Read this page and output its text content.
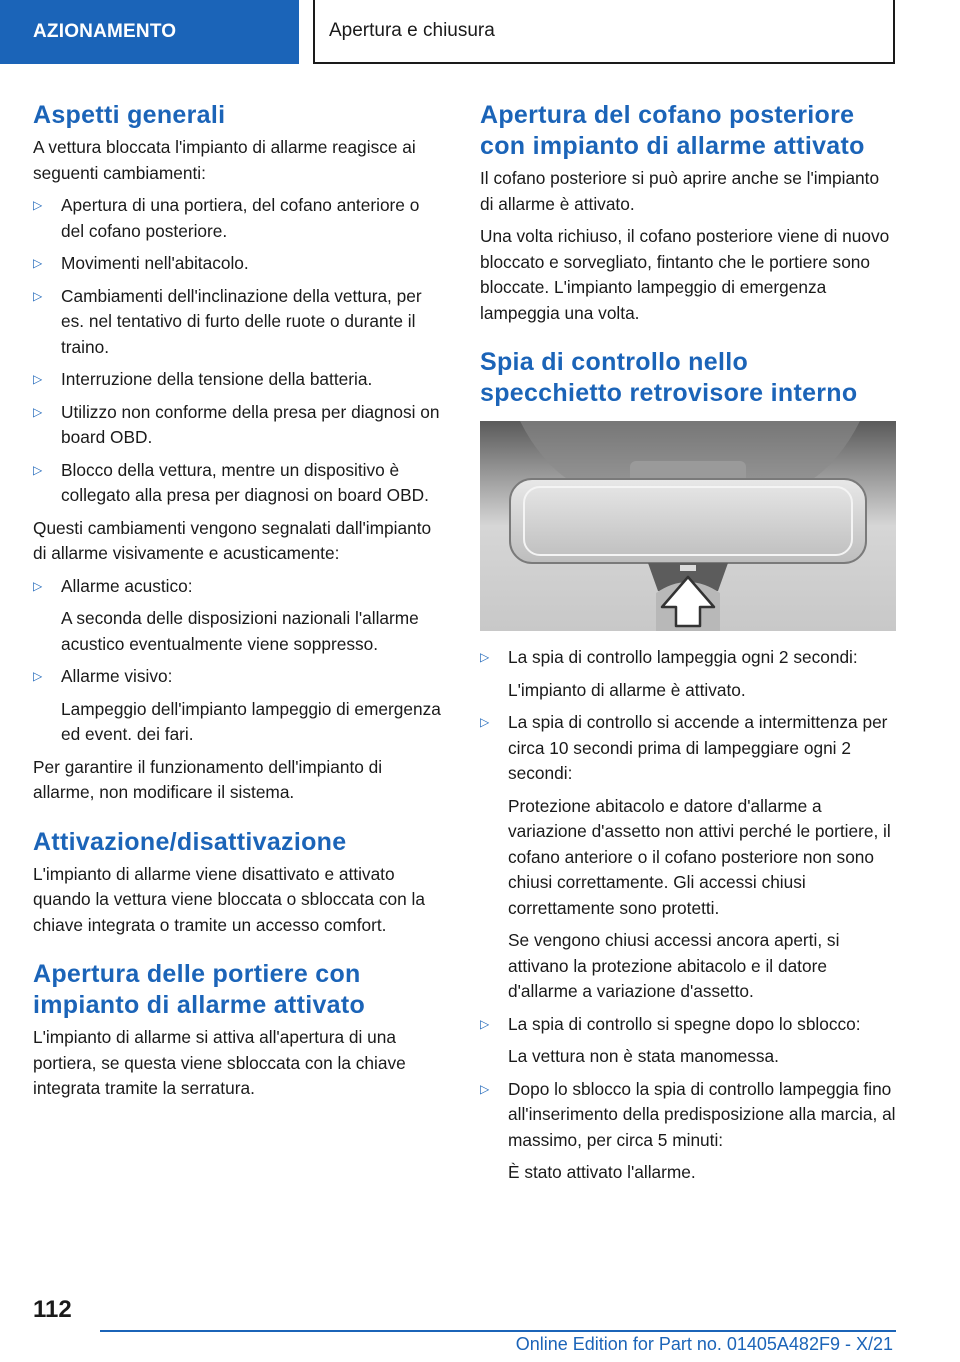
AZIONAMENTO	Apertura e chiusura
Aspetti generali

A vettura bloccata l'impianto di allarme reagisce ai seguenti cambiamenti:

▷ Apertura di una portiera, del cofano anteriore o del cofano posteriore.
▷ Movimenti nell'abitacolo.
▷ Cambiamenti dell'inclinazione della vettura, per es. nel tentativo di furto delle ruote o durante il traino.
▷ Interruzione della tensione della batteria.
▷ Utilizzo non conforme della presa per diagnosi on board OBD.
▷ Blocco della vettura, mentre un dispositivo è collegato alla presa per diagnosi on board OBD.

Questi cambiamenti vengono segnalati dall'impianto di allarme visivamente e acusticamente:

▷ Allarme acustico:
A seconda delle disposizioni nazionali l'allarme acustico eventualmente viene soppresso.
▷ Allarme visivo:
Lampeggio dell'impianto lampeggio di emergenza ed event. dei fari.

Per garantire il funzionamento dell'impianto di allarme, non modificare il sistema.

Attivazione/disattivazione

L'impianto di allarme viene disattivato e attivato quando la vettura viene bloccata o sbloccata con la chiave integrata o tramite un accesso comfort.

Apertura delle portiere con impianto di allarme attivato

L'impianto di allarme si attiva all'apertura di una portiera, se questa viene sbloccata con la chiave integrata tramite la serratura.

Apertura del cofano posteriore con impianto di allarme attivato

Il cofano posteriore si può aprire anche se l'impianto di allarme è attivato.

Una volta richiuso, il cofano posteriore viene di nuovo bloccato e sorvegliato, fintanto che le portiere sono bloccate. L'impianto lampeggio di emergenza lampeggia una volta.

Spia di controllo nello specchietto retrovisore interno
▷ La spia di controllo lampeggia ogni 2 secondi:
L'impianto di allarme è attivato.
▷ La spia di controllo si accende a intermittenza per circa 10 secondi prima di lampeggiare ogni 2 secondi:
Protezione abitacolo e datore d'allarme a variazione d'assetto non attivi perché le portiere, il cofano anteriore o il cofano posteriore non sono chiusi correttamente. Gli accessi chiusi correttamente sono protetti.
Se vengono chiusi accessi ancora aperti, si attivano la protezione abitacolo e il datore d'allarme a variazione d'assetto.
▷ La spia di controllo si spegne dopo lo sblocco:
La vettura non è stata manomessa.
▷ Dopo lo sblocco la spia di controllo lampeggia fino all'inserimento della predisposizione alla marcia, al massimo, per circa 5 minuti:
È stato attivato l'allarme.
112
Online Edition for Part no. 01405A482F9 - X/21
